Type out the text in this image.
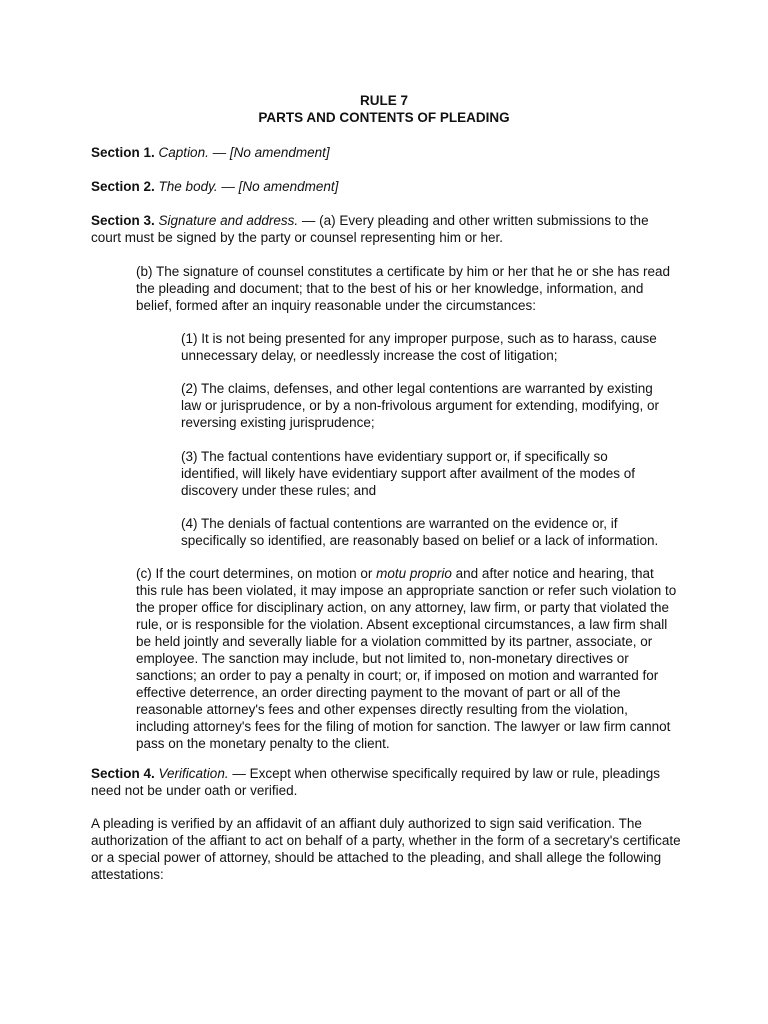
RULE 7
PARTS AND CONTENTS OF PLEADING

Section 1. Caption. — [No amendment]

Section 2. The body. — [No amendment]

Section 3. Signature and address. — (a) Every pleading and other written submissions to the court must be signed by the party or counsel representing him or her.

(b) The signature of counsel constitutes a certificate by him or her that he or she has read the pleading and document; that to the best of his or her knowledge, information, and belief, formed after an inquiry reasonable under the circumstances:

(1) It is not being presented for any improper purpose, such as to harass, cause unnecessary delay, or needlessly increase the cost of litigation;

(2) The claims, defenses, and other legal contentions are warranted by existing law or jurisprudence, or by a non-frivolous argument for extending, modifying, or reversing existing jurisprudence;

(3) The factual contentions have evidentiary support or, if specifically so identified, will likely have evidentiary support after availment of the modes of discovery under these rules; and

(4) The denials of factual contentions are warranted on the evidence or, if specifically so identified, are reasonably based on belief or a lack of information.

(c) If the court determines, on motion or motu proprio and after notice and hearing, that this rule has been violated, it may impose an appropriate sanction or refer such violation to the proper office for disciplinary action, on any attorney, law firm, or party that violated the rule, or is responsible for the violation. Absent exceptional circumstances, a law firm shall be held jointly and severally liable for a violation committed by its partner, associate, or employee. The sanction may include, but not limited to, non-monetary directives or sanctions; an order to pay a penalty in court; or, if imposed on motion and warranted for effective deterrence, an order directing payment to the movant of part or all of the reasonable attorney's fees and other expenses directly resulting from the violation, including attorney's fees for the filing of motion for sanction. The lawyer or law firm cannot pass on the monetary penalty to the client.

Section 4. Verification. — Except when otherwise specifically required by law or rule, pleadings need not be under oath or verified.

A pleading is verified by an affidavit of an affiant duly authorized to sign said verification. The authorization of the affiant to act on behalf of a party, whether in the form of a secretary's certificate or a special power of attorney, should be attached to the pleading, and shall allege the following attestations:
